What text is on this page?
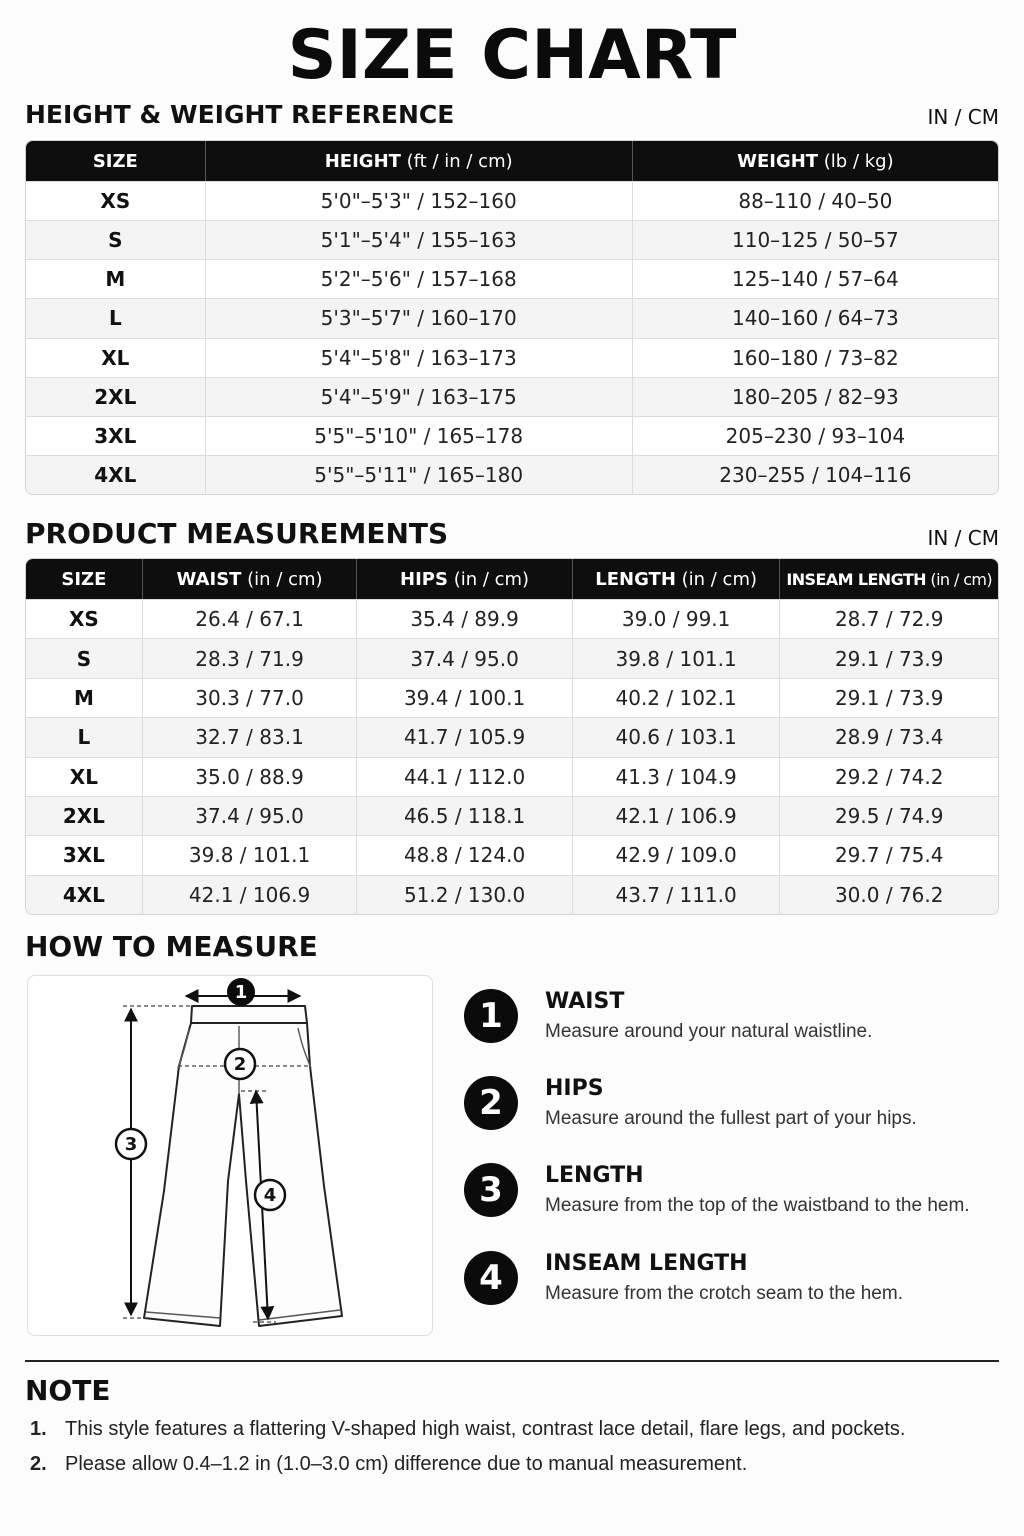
SIZE CHART
HEIGHT & WEIGHT REFERENCE	IN / CM
SIZE	HEIGHT (ft / in / cm)	WEIGHT (lb / kg)
XS	5'0"–5'3" / 152–160	88–110 / 40–50
S	5'1"–5'4" / 155–163	110–125 / 50–57
M	5'2"–5'6" / 157–168	125–140 / 57–64
L	5'3"–5'7" / 160–170	140–160 / 64–73
XL	5'4"–5'8" / 163–173	160–180 / 73–82
2XL	5'4"–5'9" / 163–175	180–205 / 82–93
3XL	5'5"–5'10" / 165–178	205–230 / 93–104
4XL	5'5"–5'11" / 165–180	230–255 / 104–116
PRODUCT MEASUREMENTS	IN / CM
SIZE	WAIST (in / cm)	HIPS (in / cm)	LENGTH (in / cm)	INSEAM LENGTH (in / cm)
XS	26.4 / 67.1	35.4 / 89.9	39.0 / 99.1	28.7 / 72.9
S	28.3 / 71.9	37.4 / 95.0	39.8 / 101.1	29.1 / 73.9
M	30.3 / 77.0	39.4 / 100.1	40.2 / 102.1	29.1 / 73.9
L	32.7 / 83.1	41.7 / 105.9	40.6 / 103.1	28.9 / 73.4
XL	35.0 / 88.9	44.1 / 112.0	41.3 / 104.9	29.2 / 74.2
2XL	37.4 / 95.0	46.5 / 118.1	42.1 / 106.9	29.5 / 74.9
3XL	39.8 / 101.1	48.8 / 124.0	42.9 / 109.0	29.7 / 75.4
4XL	42.1 / 106.9	51.2 / 130.0	43.7 / 111.0	30.0 / 76.2
HOW TO MEASURE
1
2
3
4
1	WAIST
Measure around your natural waistline.
2	HIPS
Measure around the fullest part of your hips.
3	LENGTH
Measure from the top of the waistband to the hem.
4	INSEAM LENGTH
Measure from the crotch seam to the hem.
NOTE
1. This style features a flattering V-shaped high waist, contrast lace detail, flare legs, and pockets.
2. Please allow 0.4–1.2 in (1.0–3.0 cm) difference due to manual measurement.
